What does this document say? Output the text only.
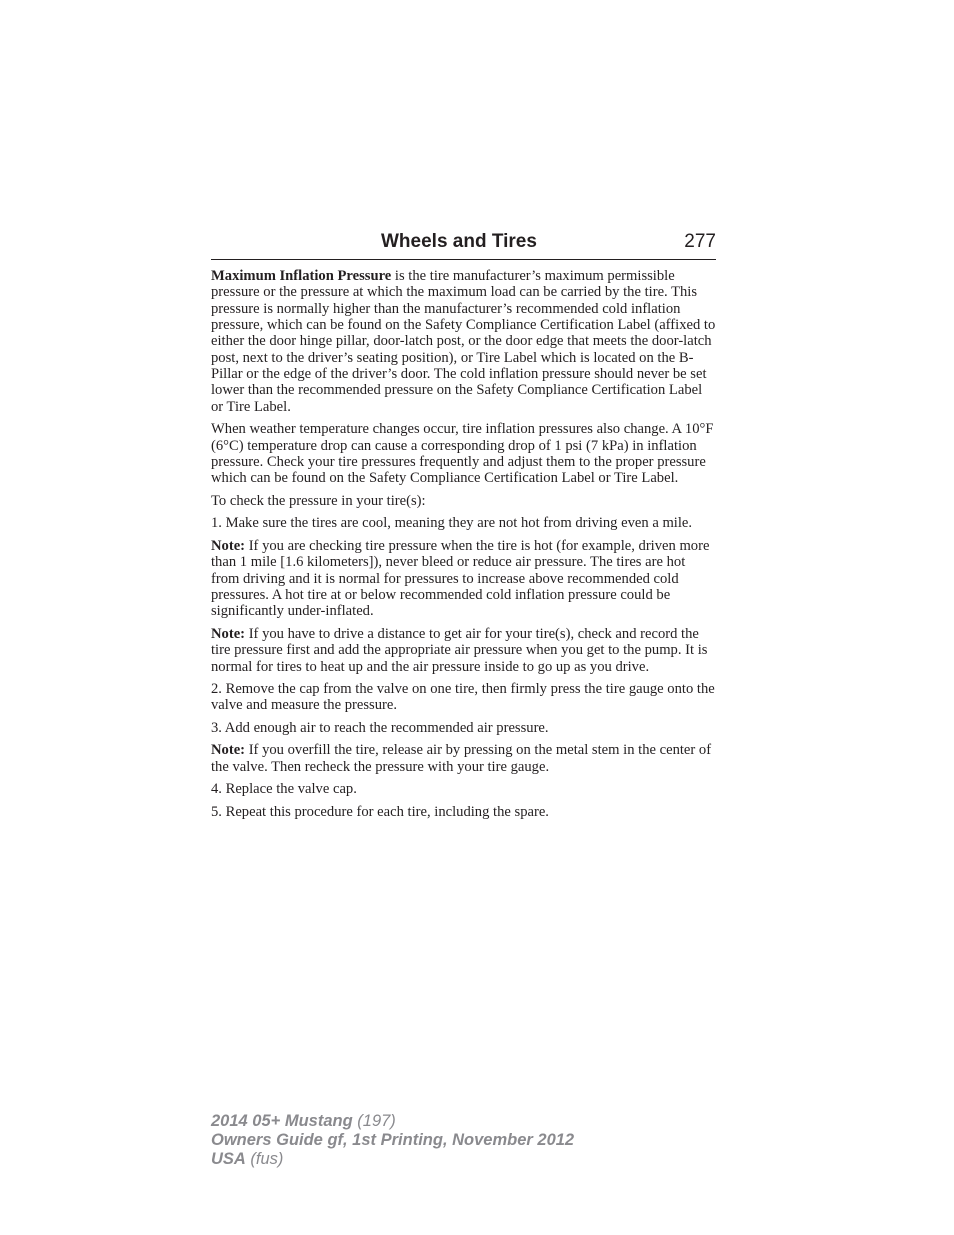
Wheels and Tires	277

Maximum Inflation Pressure is the tire manufacturer’s maximum permissible pressure or the pressure at which the maximum load can be carried by the tire. This pressure is normally higher than the manufacturer’s recommended cold inflation pressure, which can be found on the Safety Compliance Certification Label (affixed to either the door hinge pillar, door-latch post, or the door edge that meets the door-latch post, next to the driver’s seating position), or Tire Label which is located on the B-Pillar or the edge of the driver’s door. The cold inflation pressure should never be set lower than the recommended pressure on the Safety Compliance Certification Label or Tire Label.

When weather temperature changes occur, tire inflation pressures also change. A 10°F (6°C) temperature drop can cause a corresponding drop of 1 psi (7 kPa) in inflation pressure. Check your tire pressures frequently and adjust them to the proper pressure which can be found on the Safety Compliance Certification Label or Tire Label.

To check the pressure in your tire(s):

1. Make sure the tires are cool, meaning they are not hot from driving even a mile.

Note: If you are checking tire pressure when the tire is hot (for example, driven more than 1 mile [1.6 kilometers]), never bleed or reduce air pressure. The tires are hot from driving and it is normal for pressures to increase above recommended cold pressures. A hot tire at or below recommended cold inflation pressure could be significantly under-inflated.

Note: If you have to drive a distance to get air for your tire(s), check and record the tire pressure first and add the appropriate air pressure when you get to the pump. It is normal for tires to heat up and the air pressure inside to go up as you drive.

2. Remove the cap from the valve on one tire, then firmly press the tire gauge onto the valve and measure the pressure.

3. Add enough air to reach the recommended air pressure.

Note: If you overfill the tire, release air by pressing on the metal stem in the center of the valve. Then recheck the pressure with your tire gauge.

4. Replace the valve cap.

5. Repeat this procedure for each tire, including the spare.

2014 05+ Mustang (197)
Owners Guide gf, 1st Printing, November 2012
USA (fus)
